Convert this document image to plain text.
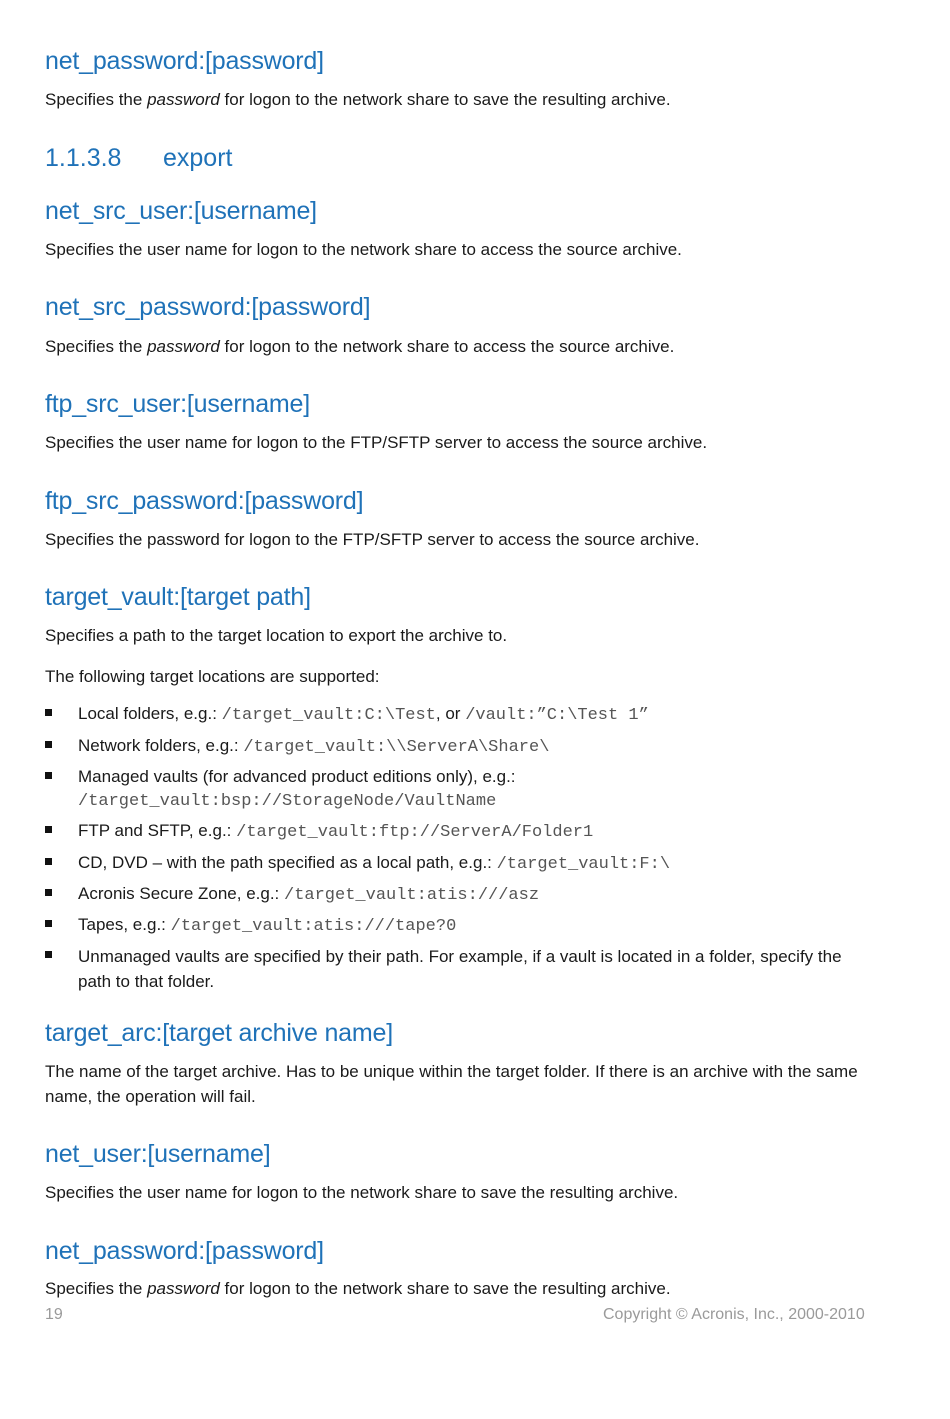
net_password:[password]

Specifies the password for logon to the network share to save the resulting archive.

1.1.3.8 export
net_src_user:[username]

Specifies the user name for logon to the network share to access the source archive.

net_src_password:[password]

Specifies the password for logon to the network share to access the source archive.

ftp_src_user:[username]

Specifies the user name for logon to the FTP/SFTP server to access the source archive.

ftp_src_password:[password]

Specifies the password for logon to the FTP/SFTP server to access the source archive.

target_vault:[target path]

Specifies a path to the target location to export the archive to.

The following target locations are supported:

Local folders, e.g.: /target_vault:C:\Test, or /vault:”C:\Test 1”
Network folders, e.g.: /target_vault:\\ServerA\Share\
Managed vaults (for advanced product editions only), e.g.:
/target_vault:bsp://StorageNode/VaultName
FTP and SFTP, e.g.: /target_vault:ftp://ServerA/Folder1
CD, DVD – with the path specified as a local path, e.g.: /target_vault:F:\
Acronis Secure Zone, e.g.: /target_vault:atis:///asz
Tapes, e.g.: /target_vault:atis:///tape?0
Unmanaged vaults are specified by their path. For example, if a vault is located in a folder, specify the path to that folder.
target_arc:[target archive name]

The name of the target archive. Has to be unique within the target folder. If there is an archive with the same name, the operation will fail.

net_user:[username]

Specifies the user name for logon to the network share to save the resulting archive.

net_password:[password]

Specifies the password for logon to the network share to save the resulting archive.

19	Copyright © Acronis, Inc., 2000-2010
